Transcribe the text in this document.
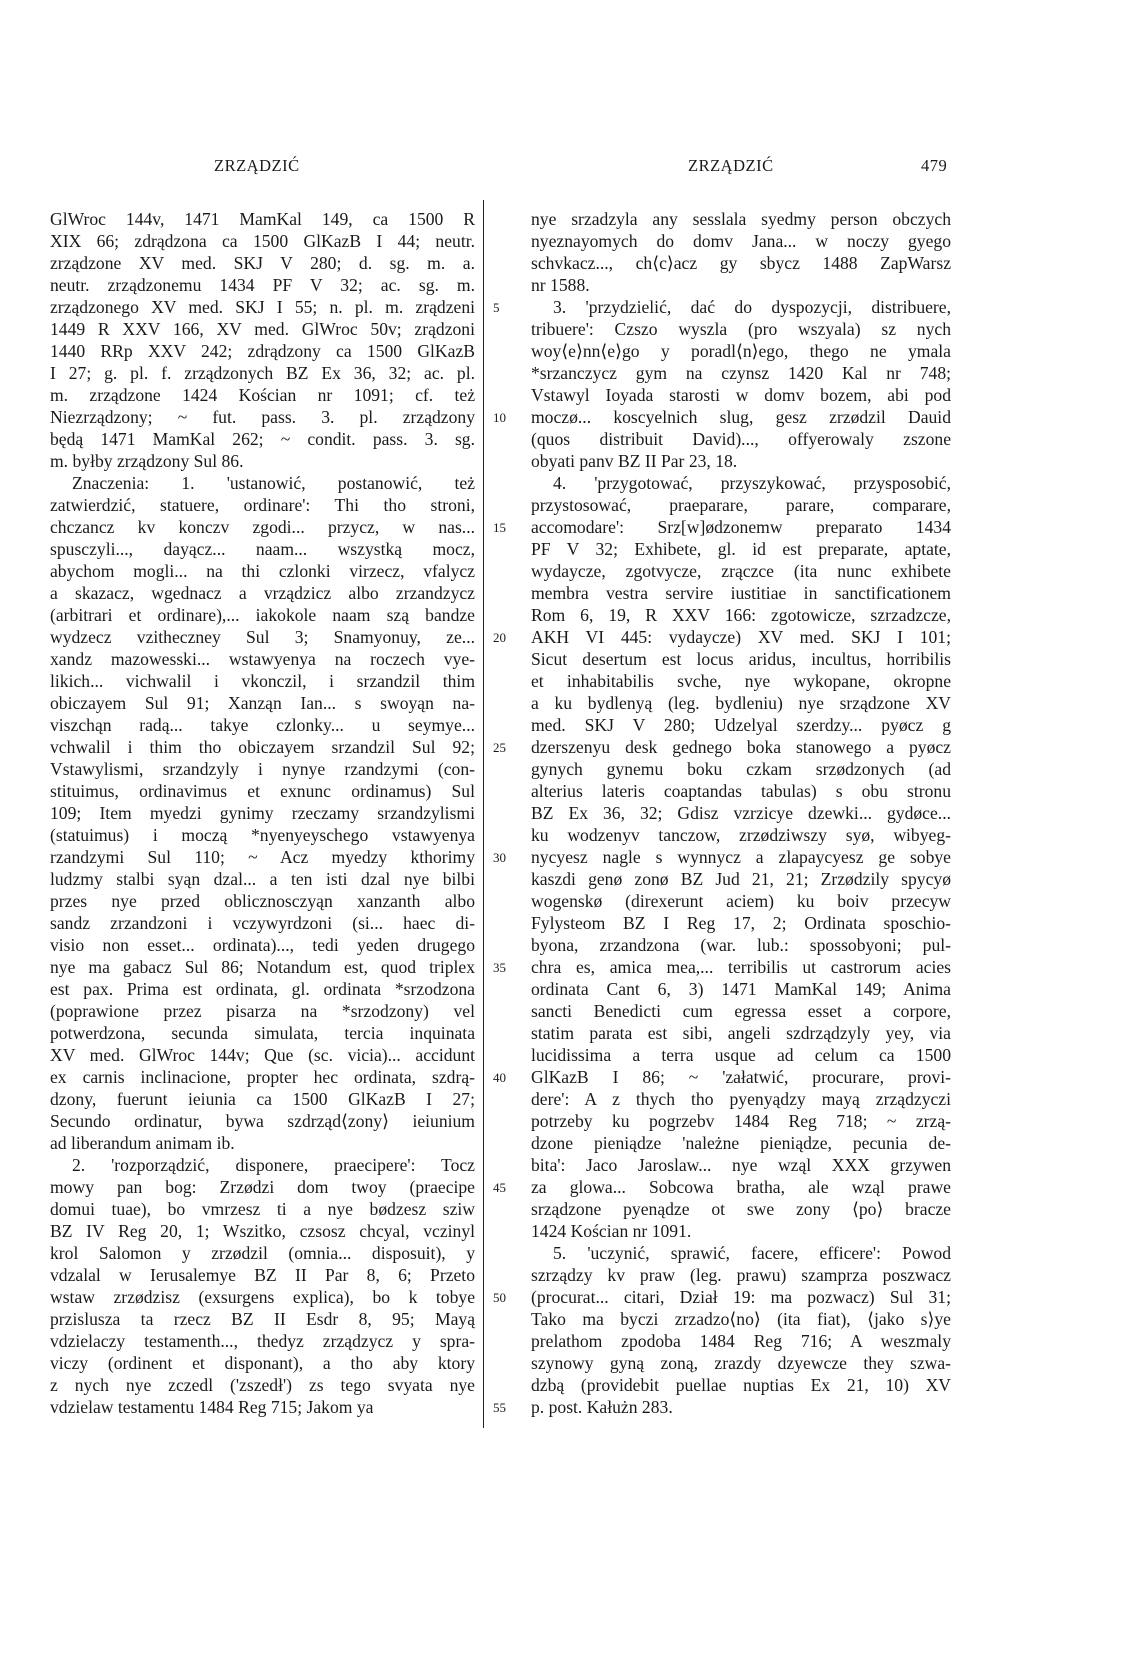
ZRZĄDZIĆ	ZRZĄDZIĆ	479
GlWroc 144v, 1471 MamKal 149, ca 1500 R
XIX 66; zdrądzona ca 1500 GlKazB I 44; neutr.
zrządzone XV med. SKJ V 280; d. sg. m. a.
neutr. zrządzonemu 1434 PF V 32; ac. sg. m.
zrządzonego XV med. SKJ I 55; n. pl. m. zrądzeni
1449 R XXV 166, XV med. GlWroc 50v; zrądzoni
1440 RRp XXV 242; zdrądzony ca 1500 GlKazB
I 27; g. pl. f. zrządzonych BZ Ex 36, 32; ac. pl.
m. zrządzone 1424 Kościan nr 1091; cf. też
Niezrządzony; ~ fut. pass. 3. pl. zrządzony
będą 1471 MamKal 262; ~ condit. pass. 3. sg.
m. byłby zrządzony Sul 86.
Znaczenia: 1. 'ustanowić, postanowić, też
zatwierdzić, statuere, ordinare': Thi tho stroni,
chczancz kv konczv zgodi... przycz, w nas...
spusczyli..., dayącz... naam... wszystką mocz,
abychom mogli... na thi czlonki virzecz, vfalycz
a skazacz, wgednacz a vrządzicz albo zrzandzycz
(arbitrari et ordinare),... iakokole naam szą bandze
wydzecz vzitheczney Sul 3; Snamyonuy, ze...
xandz mazowesski... wstawyenya na roczech vye-
likich... vichwalil i vkonczil, i srzandzil thim
obiczayem Sul 91; Xanząn Ian... s swoyąn na-
viszchąn radą... takye czlonky... u seymye...
vchwalil i thim tho obiczayem srzandzil Sul 92;
Vstawylismi, srzandzyly i nynye rzandzymi (con-
stituimus, ordinavimus et exnunc ordinamus) Sul
109; Item myedzi gynimy rzeczamy srzandzylismi
(statuimus) i moczą *nyenyeyschego vstawyenya
rzandzymi Sul 110; ~ Acz myedzy kthorimy
ludzmy stalbi syąn dzal... a ten isti dzal nye bilbi
przes nye przed oblicznosczyąn xanzanth albo
sandz zrzandzoni i vczywyrdzoni (si... haec di-
visio non esset... ordinata)..., tedi yeden drugego
nye ma gabacz Sul 86; Notandum est, quod triplex
est pax. Prima est ordinata, gl. ordinata *srzodzona
(poprawione przez pisarza na *srzodzony) vel
potwerdzona, secunda simulata, tercia inquinata
XV med. GlWroc 144v; Que (sc. vicia)... accidunt
ex carnis inclinacione, propter hec ordinata, szdrą-
dzony, fuerunt ieiunia ca 1500 GlKazB I 27;
Secundo ordinatur, bywa szdrząd⟨zony⟩ ieiunium
ad liberandum animam ib.
2. 'rozporządzić, disponere, praecipere': Tocz
mowy pan bog: Zrzødzi dom twoy (praecipe
domui tuae), bo vmrzesz ti a nye bødzesz sziw
BZ IV Reg 20, 1; Wszitko, czsosz chcyal, vczinyl
krol Salomon y zrzødzil (omnia... disposuit), y
vdzalal w Ierusalemye BZ II Par 8, 6; Przeto
wstaw zrzødzisz (exsurgens explica), bo k tobye
przislusza ta rzecz BZ II Esdr 8, 95; Mayą
vdzielaczy testamenth..., thedyz zrządzycz y spra-
viczy (ordinent et disponant), a tho aby ktory
z nych nye zczedl ('zszedł') zs tego svyata nye
vdzielaw testamentu 1484 Reg 715; Jakom ya
5
10
15
20
25
30
35
40
45
50
55
nye srzadzyla any sesslala syedmy person obczych
nyeznayomych do domv Jana... w noczy gyego
schvkacz..., ch⟨c⟩acz gy sbycz 1488 ZapWarsz
nr 1588.
3. 'przydzielić, dać do dyspozycji, distribuere,
tribuere': Czszo wyszla (pro wszyala) sz nych
woy⟨e⟩nn⟨e⟩go y poradl⟨n⟩ego, thego ne ymala
*srzanczycz gym na czynsz 1420 Kal nr 748;
Vstawyl Ioyada starosti w domv bozem, abi pod
moczø... koscyelnich slug, gesz zrzødzil Dauid
(quos distribuit David)..., offyerowaly zszone
obyati panv BZ II Par 23, 18.
4. 'przygotować, przyszykować, przysposobić,
przystosować, praeparare, parare, comparare,
accomodare': Srz[w]ødzonemw preparato 1434
PF V 32; Exhibete, gl. id est preparate, aptate,
wydaycze, zgotvycze, zrączce (ita nunc exhibete
membra vestra servire iustitiae in sanctificationem
Rom 6, 19, R XXV 166: zgotowicze, szrzadzcze,
AKH VI 445: vydaycze) XV med. SKJ I 101;
Sicut desertum est locus aridus, incultus, horribilis
et inhabitabilis svche, nye wykopane, okropne
a ku bydlenyą (leg. bydleniu) nye srządzone XV
med. SKJ V 280; Udzelyal szerdzy... pyøcz g
dzerszenyu desk gednego boka stanowego a pyøcz
gynych gynemu boku czkam srzødzonych (ad
alterius lateris coaptandas tabulas) s obu stronu
BZ Ex 36, 32; Gdisz vzrzicye dzewki... gydøce...
ku wodzenyv tanczow, zrzødziwszy syø, wibyeg-
nycyesz nagle s wynnycz a zlapaycyesz ge sobye
kaszdi genø zonø BZ Jud 21, 21; Zrzødzily spycyø
wogenskø (direxerunt aciem) ku boiv przecyw
Fylysteom BZ I Reg 17, 2; Ordinata sposchio-
byona, zrzandzona (war. lub.: spossobyoni; pul-
chra es, amica mea,... terribilis ut castrorum acies
ordinata Cant 6, 3) 1471 MamKal 149; Anima
sancti Benedicti cum egressa esset a corpore,
statim parata est sibi, angeli szdrządzyly yey, via
lucidissima a terra usque ad celum ca 1500
GlKazB I 86; ~ 'załatwić, procurare, provi-
dere': A z thych tho pyenyądzy mayą zrządzyczi
potrzeby ku pogrzebv 1484 Reg 718; ~ zrzą-
dzone pieniądze 'należne pieniądze, pecunia de-
bita': Jaco Jaroslaw... nye wząl XXX grzywen
za glowa... Sobcowa bratha, ale wząl prawe
srządzone pyenądze ot swe zony ⟨po⟩ bracze
1424 Kościan nr 1091.
5. 'uczynić, sprawić, facere, efficere': Powod
szrządzy kv praw (leg. prawu) szamprza poszwacz
(procurat... citari, Dział 19: ma pozwacz) Sul 31;
Tako ma byczi zrzadzo⟨no⟩ (ita fiat), ⟨jako s⟩ye
prelathom zpodoba 1484 Reg 716; A weszmaly
szynowy gyną zoną, zrazdy dzyewcze they szwa-
dzbą (providebit puellae nuptias Ex 21, 10) XV
p. post. Kałużn 283.
